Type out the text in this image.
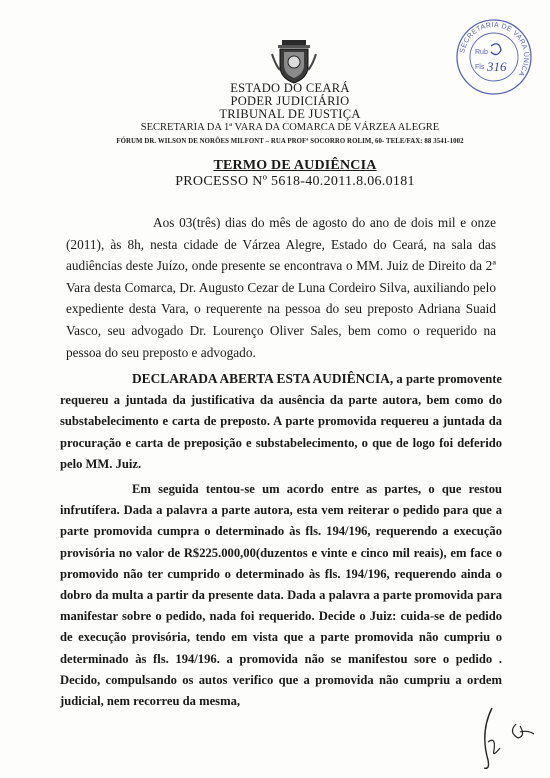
ESTADO DO CEARÁ
PODER JUDICIÁRIO
TRIBUNAL DE JUSTIÇA
SECRETARIA DA 1ª VARA DA COMARCA DE VÁRZEA ALEGRE
FÓRUM DR. WILSON DE NORÕES MILFONT – RUA PROFª SOCORRO ROLIM, 60- TELE/FAX: 88 3541-1002
SECRETARIA DE VARA ÚNICA
Rub
Fls 316
TERMO DE AUDIÊNCIA
PROCESSO Nº 5618-40.2011.8.06.0181

Aos 03(três) dias do mês de agosto do ano de dois mil e onze (2011), às 8h, nesta cidade de Várzea Alegre, Estado do Ceará, na sala das audiências deste Juízo, onde presente se encontrava o MM. Juiz de Direito da 2ª Vara desta Comarca, Dr. Augusto Cezar de Luna Cordeiro Silva, auxiliando pelo expediente desta Vara, o requerente na pessoa do seu preposto Adriana Suaid Vasco, seu advogado Dr. Lourenço Oliver Sales, bem como o requerido na pessoa do seu preposto e advogado.

DECLARADA ABERTA ESTA AUDIÊNCIA, a parte promovente requereu a juntada da justificativa da ausência da parte autora, bem como do substabelecimento e carta de preposto. A parte promovida requereu a juntada da procuração e carta de preposição e substabelecimento, o que de logo foi deferido pelo MM. Juiz.

Em seguida tentou-se um acordo entre as partes, o que restou infrutífera. Dada a palavra a parte autora, esta vem reiterar o pedido para que a parte promovida cumpra o determinado às fls. 194/196, requerendo a execução provisória no valor de R$225.000,00(duzentos e vinte e cinco mil reais), em face o promovido não ter cumprido o determinado às fls. 194/196, requerendo ainda o dobro da multa a partir da presente data. Dada a palavra a parte promovida para manifestar sobre o pedido, nada foi requerido. Decide o Juiz: cuida-se de pedido de execução provisória, tendo em vista que a parte promovida não cumpriu o determinado às fls. 194/196. a promovida não se manifestou sore o pedido . Decido, compulsando os autos verifico que a promovida não cumpriu a ordem judicial, nem recorreu da mesma,
